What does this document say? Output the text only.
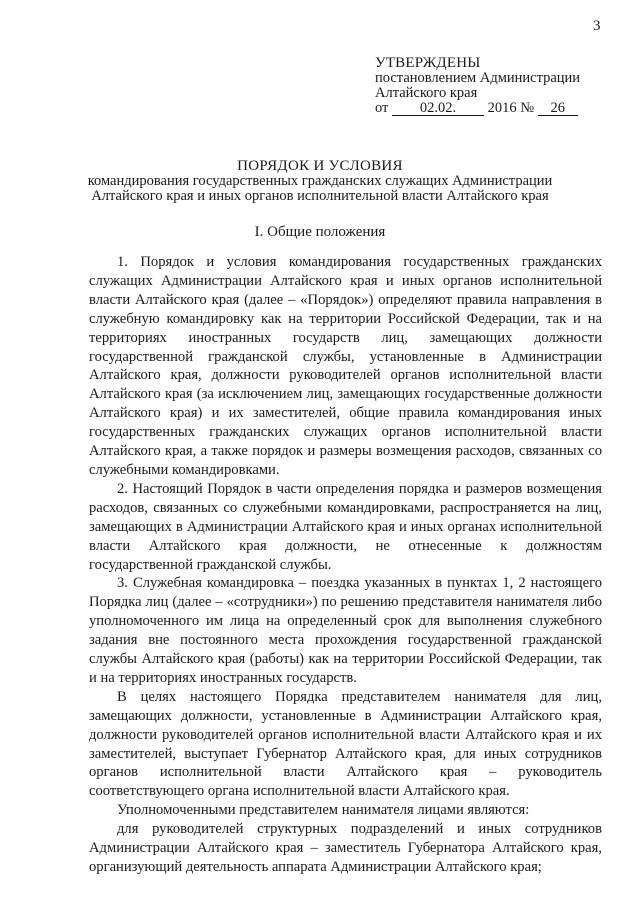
3
УТВЕРЖДЕНЫ
постановлением Администрации
Алтайского края
от 02.02. 2016 № 26
ПОРЯДОК И УСЛОВИЯ
командирования государственных гражданских служащих Администрации
Алтайского края и иных органов исполнительной власти Алтайского края
I. Общие положения

1. Порядок и условия командирования государственных гражданских служащих Администрации Алтайского края и иных органов исполнительной власти Алтайского края (далее – «Порядок») определяют правила направления в служебную командировку как на территории Российской Федерации, так и на территориях иностранных государств лиц, замещающих должности государственной гражданской службы, установленные в Администрации Алтайского края, должности руководителей органов исполнительной власти Алтайского края (за исключением лиц, замещающих государственные должности Алтайского края) и их заместителей, общие правила командирования иных государственных гражданских служащих органов исполнительной власти Алтайского края, а также порядок и размеры возмещения расходов, связанных со служебными командировками.

2. Настоящий Порядок в части определения порядка и размеров возмещения расходов, связанных со служебными командировками, распространяется на лиц, замещающих в Администрации Алтайского края и иных органах исполнительной власти Алтайского края должности, не отнесенные к должностям государственной гражданской службы.

3. Служебная командировка – поездка указанных в пунктах 1, 2 настоящего Порядка лиц (далее – «сотрудники») по решению представителя нанимателя либо уполномоченного им лица на определенный срок для выполнения служебного задания вне постоянного места прохождения государственной гражданской службы Алтайского края (работы) как на территории Российской Федерации, так и на территориях иностранных государств.

В целях настоящего Порядка представителем нанимателя для лиц, замещающих должности, установленные в Администрации Алтайского края, должности руководителей органов исполнительной власти Алтайского края и их заместителей, выступает Губернатор Алтайского края, для иных сотрудников органов исполнительной власти Алтайского края – руководитель соответствующего органа исполнительной власти Алтайского края.

Уполномоченными представителем нанимателя лицами являются:

для руководителей структурных подразделений и иных сотрудников Администрации Алтайского края – заместитель Губернатора Алтайского края, организующий деятельность аппарата Администрации Алтайского края;
